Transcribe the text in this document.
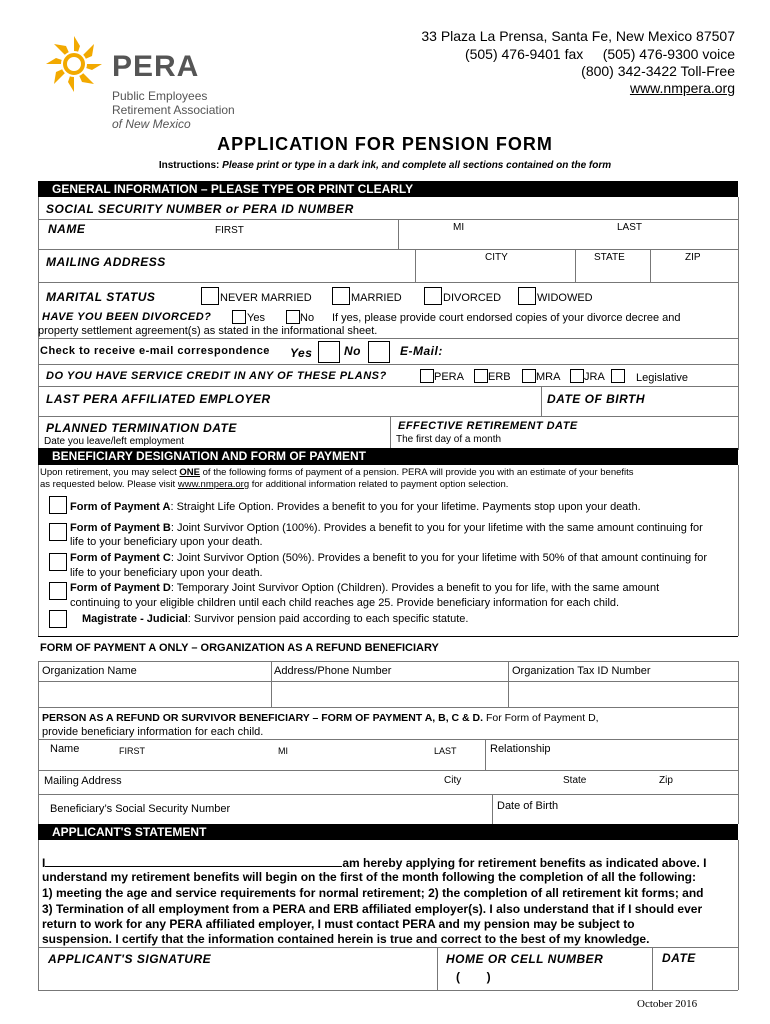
PERA
Public Employees
Retirement Association
of New Mexico
33 Plaza La Prensa, Santa Fe, New Mexico 87507
(505) 476-9401 fax     (505) 476-9300 voice
(800) 342-3422 Toll-Free
www.nmpera.org
APPLICATION FOR PENSION FORM
Instructions: Please print or type in a dark ink, and complete all sections contained on the form
GENERAL INFORMATION – PLEASE TYPE OR PRINT CLEARLY
SOCIAL SECURITY NUMBER or PERA ID NUMBER
NAME	FIRST	MI	LAST
MAILING ADDRESS	CITY	STATE	ZIP
MARITAL STATUS	NEVER MARRIED	MARRIED	DIVORCED	WIDOWED
HAVE YOU BEEN DIVORCED?	Yes	No If yes, please provide court endorsed copies of your divorce decree and
property settlement agreement(s) as stated in the informational sheet.
Check to receive e-mail correspondence Yes	No	E-Mail:
DO YOU HAVE SERVICE CREDIT IN ANY OF THESE PLANS?	PERA ERB MRA JRA	Legislative
LAST PERA AFFILIATED EMPLOYER	DATE OF BIRTH
PLANNED TERMINATION DATE
Date you leave/left employment
EFFECTIVE RETIREMENT DATE
The first day of a month
BENEFICIARY DESIGNATION AND FORM OF PAYMENT
Upon retirement, you may select ONE of the following forms of payment of a pension. PERA will provide you with an estimate of your benefits
as requested below. Please visit www.nmpera.org for additional information related to payment option selection.
Form of Payment A: Straight Life Option. Provides a benefit to you for your lifetime. Payments stop upon your death.
Form of Payment B: Joint Survivor Option (100%). Provides a benefit to you for your lifetime with the same amount continuing for
life to your beneficiary upon your death.
Form of Payment C: Joint Survivor Option (50%). Provides a benefit to you for your lifetime with 50% of that amount continuing for
life to your beneficiary upon your death.
Form of Payment D: Temporary Joint Survivor Option (Children). Provides a benefit to you for life, with the same amount
continuing to your eligible children until each child reaches age 25. Provide beneficiary information for each child.
Magistrate - Judicial: Survivor pension paid according to each specific statute.
FORM OF PAYMENT A ONLY – ORGANIZATION AS A REFUND BENEFICIARY
Organization Name	Address/Phone Number	Organization Tax ID Number
PERSON AS A REFUND OR SURVIVOR BENEFICIARY – FORM OF PAYMENT A, B, C & D. For Form of Payment D,
provide beneficiary information for each child.
Name	FIRST	MI	LAST	Relationship
Mailing Address	City	State	Zip
Beneficiary’s Social Security Number	Date of Birth
APPLICANT'S STATEMENT
I	am hereby applying for retirement benefits as indicated above. I
understand my retirement benefits will begin on the first of the month following the completion of all the following:
1) meeting the age and service requirements for normal retirement; 2) the completion of all retirement kit forms; and
3) Termination of all employment from a PERA and ERB affiliated employer(s). I also understand that if I should ever
return to work for any PERA affiliated employer, I must contact PERA and my pension may be subject to
suspension. I certify that the information contained herein is true and correct to the best of my knowledge.
APPLICANT'S SIGNATURE	HOME OR CELL NUMBER
(        )
DATE
October 2016
